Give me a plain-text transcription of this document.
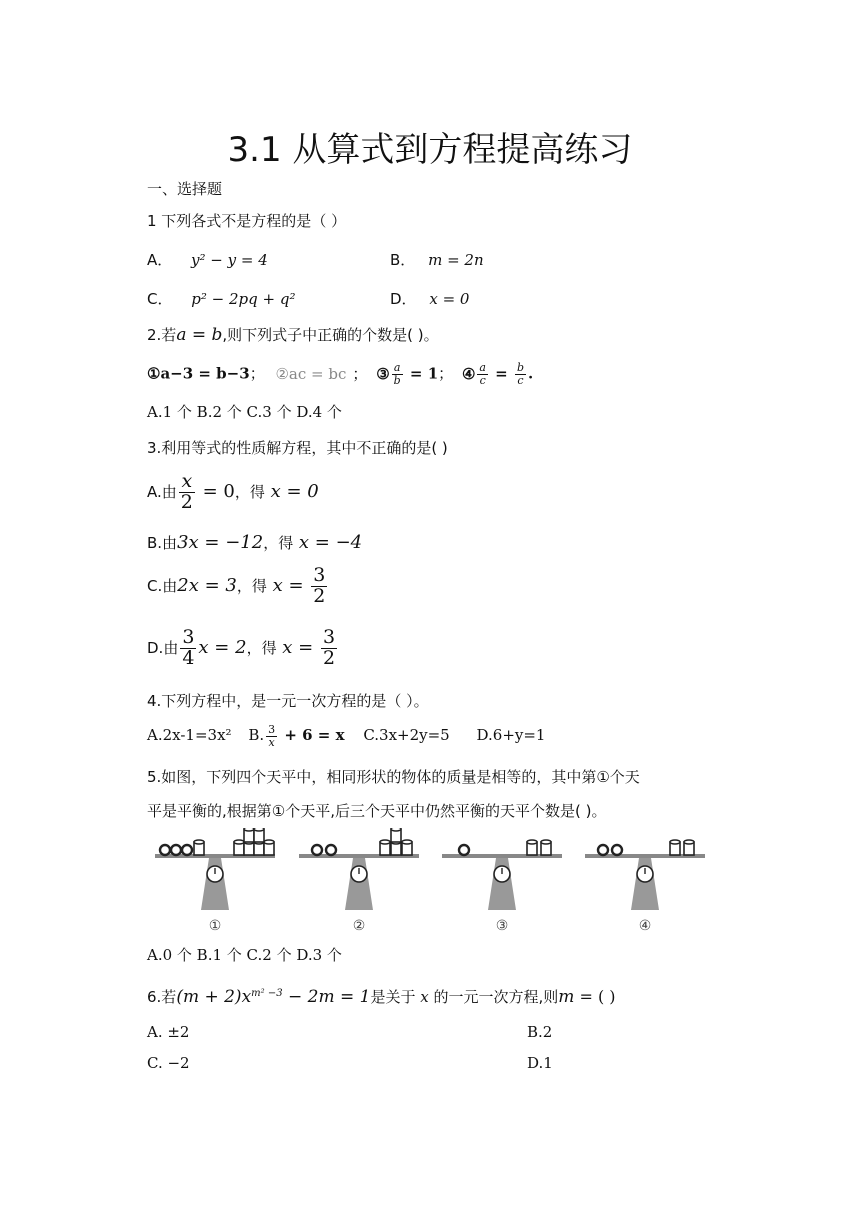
3.1 从算式到方程提高练习
一、选择题
1 下列各式不是方程的是（ ）
A． y² − y = 4	B． m = 2n
C． p² − 2pq + q²	D． x = 0
2.若a = b,则下列式子中正确的个数是( )。
①a−3 = b−3； ②ac = bc ； ③ $\frac{a}{b} = 1$； ④ $\frac{a}{c} = \frac{b}{c}$ .
A.1 个 B.2 个 C.3 个 D.4 个
3.利用等式的性质解方程，其中不正确的是( )
A.由 $\frac{x}{2} = 0$，得 x = 0
B.由3x = −12，得 x = −4
C.由2x = 3，得 $x = \frac{3}{2}$
D.由 $\frac{3}{4}$ x = 2，得 $x = \frac{3}{2}$
4.下列方程中，是一元一次方程的是（ ）。
A.2x-1=3x² B. $\frac{3}{x} + 6 = x$ C.3x+2y=5 D.6+y=1
5.如图，下列四个天平中，相同形状的物体的质量是相等的，其中第①个天
平是平衡的,根据第①个天平,后三个天平中仍然平衡的天平个数是( )。
①	②	③	④
A.0 个 B.1 个 C.2 个 D.3 个
6.若$(m + 2)x^{m^2 -3} - 2m = 1$是关于 x 的一元一次方程,则m = ( )
A. ±2	B.2
C. −2	D.1
